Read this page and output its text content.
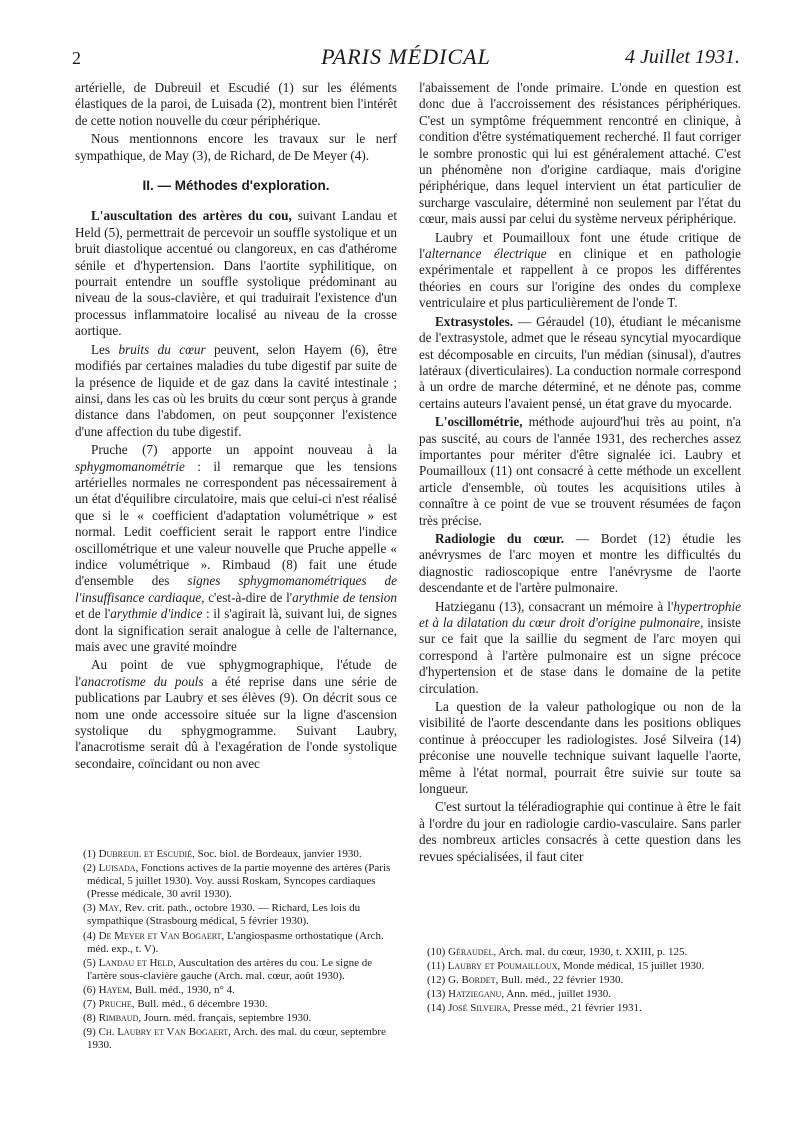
2	PARIS MÉDICAL	4 Juillet 1931.

artérielle, de Dubreuil et Escudié (1) sur les éléments élastiques de la paroi, de Luisada (2), montrent bien l'intérêt de cette notion nouvelle du cœur périphérique.

Nous mentionnons encore les travaux sur le nerf sympathique, de May (3), de Richard, de De Meyer (4).

II. — Méthodes d'exploration.

L'auscultation des artères du cou, suivant Landau et Held (5), permettrait de percevoir un souffle systolique et un bruit diastolique accentué ou clangoreux, en cas d'athérome sénile et d'hypertension. Dans l'aortite syphilitique, on pourrait entendre un souffle systolique prédominant au niveau de la sous-clavière, et qui traduirait l'existence d'un processus inflammatoire localisé au niveau de la crosse aortique.

Les bruits du cœur peuvent, selon Hayem (6), être modifiés par certaines maladies du tube digestif par suite de la présence de liquide et de gaz dans la cavité intestinale ; ainsi, dans les cas où les bruits du cœur sont perçus à grande distance dans l'abdomen, on peut soupçonner l'existence d'une affection du tube digestif.

Pruche (7) apporte un appoint nouveau à la sphygmomanométrie : il remarque que les tensions artérielles normales ne correspondent pas nécessairement à un état d'équilibre circulatoire, mais que celui-ci n'est réalisé que si le « coefficient d'adaptation volumétrique » est normal. Ledit coefficient serait le rapport entre l'indice oscillométrique et une valeur nouvelle que Pruche appelle « indice volumétrique ». Rimbaud (8) fait une étude d'ensemble des signes sphygmomanométriques de l'insuffisance cardiaque, c'est-à-dire de l'arythmie de tension et de l'arythmie d'indice : il s'agirait là, suivant lui, de signes dont la signification serait analogue à celle de l'alternance, mais avec une gravité moindre

Au point de vue sphygmographique, l'étude de l'anacrotisme du pouls a été reprise dans une série de publications par Laubry et ses élèves (9). On décrit sous ce nom une onde accessoire située sur la ligne d'ascension systolique du sphygmogramme. Suivant Laubry, l'anacrotisme serait dû à l'exagération de l'onde systolique secondaire, coïncidant ou non avec

l'abaissement de l'onde primaire. L'onde en question est donc due à l'accroissement des résistances périphériques. C'est un symptôme fréquemment rencontré en clinique, à condition d'être systématiquement recherché. Il faut corriger le sombre pronostic qui lui est généralement attaché. C'est un phénomène non d'origine cardiaque, mais d'origine périphérique, dans lequel intervient un état particulier de surcharge vasculaire, déterminé non seulement par l'état du cœur, mais aussi par celui du système nerveux périphérique.

Laubry et Poumailloux font une étude critique de l'alternance électrique en clinique et en pathologie expérimentale et rappellent à ce propos les différentes théories en cours sur l'origine des ondes du complexe ventriculaire et plus particulièrement de l'onde T.

Extrasystoles. — Géraudel (10), étudiant le mécanisme de l'extrasystole, admet que le réseau syncytial myocardique est décomposable en circuits, l'un médian (sinusal), d'autres latéraux (diverticulaires). La conduction normale correspond à un ordre de marche déterminé, et ne dénote pas, comme certains auteurs l'avaient pensé, un état grave du myocarde.

L'oscillométrie, méthode aujourd'hui très au point, n'a pas suscité, au cours de l'année 1931, des recherches assez importantes pour mériter d'être signalée ici. Laubry et Poumailloux (11) ont consacré à cette méthode un excellent article d'ensemble, où toutes les acquisitions utiles à connaître à ce point de vue se trouvent résumées de façon très précise.

Radiologie du cœur. — Bordet (12) étudie les anévrysmes de l'arc moyen et montre les difficultés du diagnostic radioscopique entre l'anévrysme de l'aorte descendante et de l'artère pulmonaire.

Hatzieganu (13), consacrant un mémoire à l'hypertrophie et à la dilatation du cœur droit d'origine pulmonaire, insiste sur ce fait que la saillie du segment de l'arc moyen qui correspond à l'artère pulmonaire est un signe précoce d'hypertension et de stase dans le domaine de la petite circulation.

La question de la valeur pathologique ou non de la visibilité de l'aorte descendante dans les positions obliques continue à préoccuper les radiologistes. José Silveira (14) préconise une nouvelle technique suivant laquelle l'aorte, même à l'état normal, pourrait être suivie sur toute sa longueur.

C'est surtout la téléradiographie qui continue à être le fait à l'ordre du jour en radiologie cardio-vasculaire. Sans parler des nombreux articles consacrés à cette question dans les revues spécialisées, il faut citer

(1) Dubreuil et Escudié, Soc. biol. de Bordeaux, janvier 1930.

(2) Luisada, Fonctions actives de la partie moyenne des artères (Paris médical, 5 juillet 1930). Voy. aussi Roskam, Syncopes cardiaques (Presse médicale, 30 avril 1930).

(3) May, Rev. crit. path., octobre 1930. — Richard, Les lois du sympathique (Strasbourg médical, 5 février 1930).

(4) De Meyer et Van Bogaert, L'angiospasme orthostatique (Arch. méd. exp., t. V).

(5) Landau et Held, Auscultation des artères du cou. Le signe de l'artère sous-clavière gauche (Arch. mal. cœur, août 1930).

(6) Hayem, Bull. méd., 1930, n° 4.

(7) Pruche, Bull. méd., 6 décembre 1930.

(8) Rimbaud, Journ. méd. français, septembre 1930.

(9) Ch. Laubry et Van Bogaert, Arch. des mal. du cœur, septembre 1930.

(10) Géraudel, Arch. mal. du cœur, 1930, t. XXIII, p. 125.

(11) Laubry et Poumailloux, Monde médical, 15 juillet 1930.

(12) G. Bordet, Bull. méd., 22 février 1930.

(13) Hatzieganu, Ann. méd., juillet 1930.

(14) José Silveira, Presse méd., 21 février 1931.
